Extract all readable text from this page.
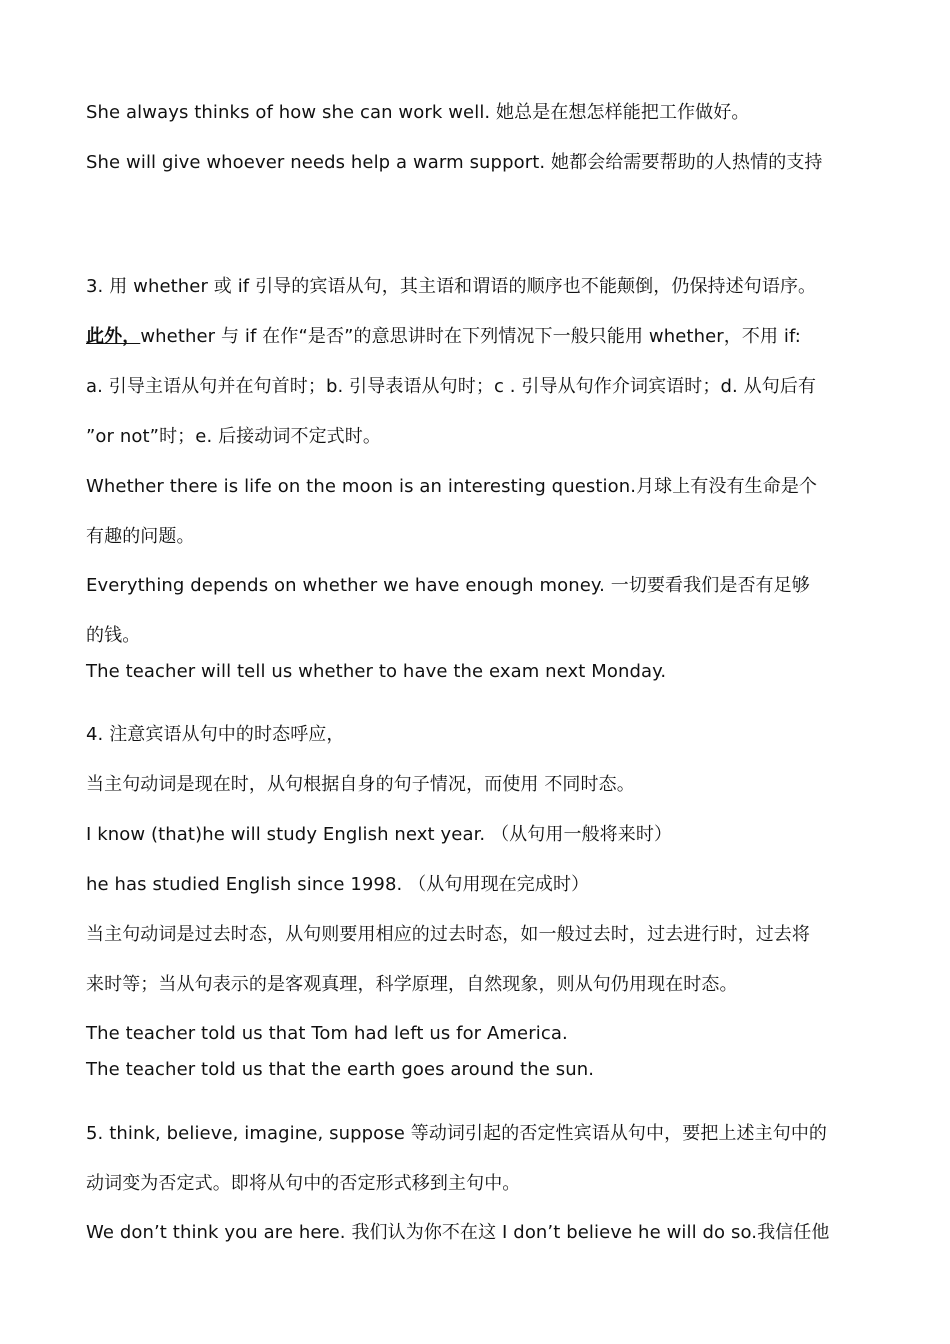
She always thinks of how she can work well. 她总是在想怎样能把工作做好。
She will give whoever needs help a warm support. 她都会给需要帮助的人热情的支持
3. 用 whether 或 if 引导的宾语从句，其主语和谓语的顺序也不能颠倒，仍保持述句语序。
此外，whether 与 if 在作“是否”的意思讲时在下列情况下一般只能用 whether，不用 if:
a. 引导主语从句并在句首时；b. 引导表语从句时；c . 引导从句作介词宾语时；d. 从句后有
”or not”时；e. 后接动词不定式时。
Whether there is life on the moon is an interesting question.月球上有没有生命是个
有趣的问题。
Everything depends on whether we have enough money. 一切要看我们是否有足够
的钱。
The teacher will tell us whether to have the exam next Monday.
4. 注意宾语从句中的时态呼应，
当主句动词是现在时，从句根据自身的句子情况，而使用 不同时态。
I know (that)he will study English next year. （从句用一般将来时）
he has studied English since 1998. （从句用现在完成时）
当主句动词是过去时态，从句则要用相应的过去时态，如一般过去时，过去进行时，过去将
来时等；当从句表示的是客观真理，科学原理，自然现象，则从句仍用现在时态。
The teacher told us that Tom had left us for America.
The teacher told us that the earth goes around the sun.
5. think, believe, imagine, suppose 等动词引起的否定性宾语从句中，要把上述主句中的
动词变为否定式。即将从句中的否定形式移到主句中。
We don’t think you are here. 我们认为你不在这 I don’t believe he will do so.我信任他
